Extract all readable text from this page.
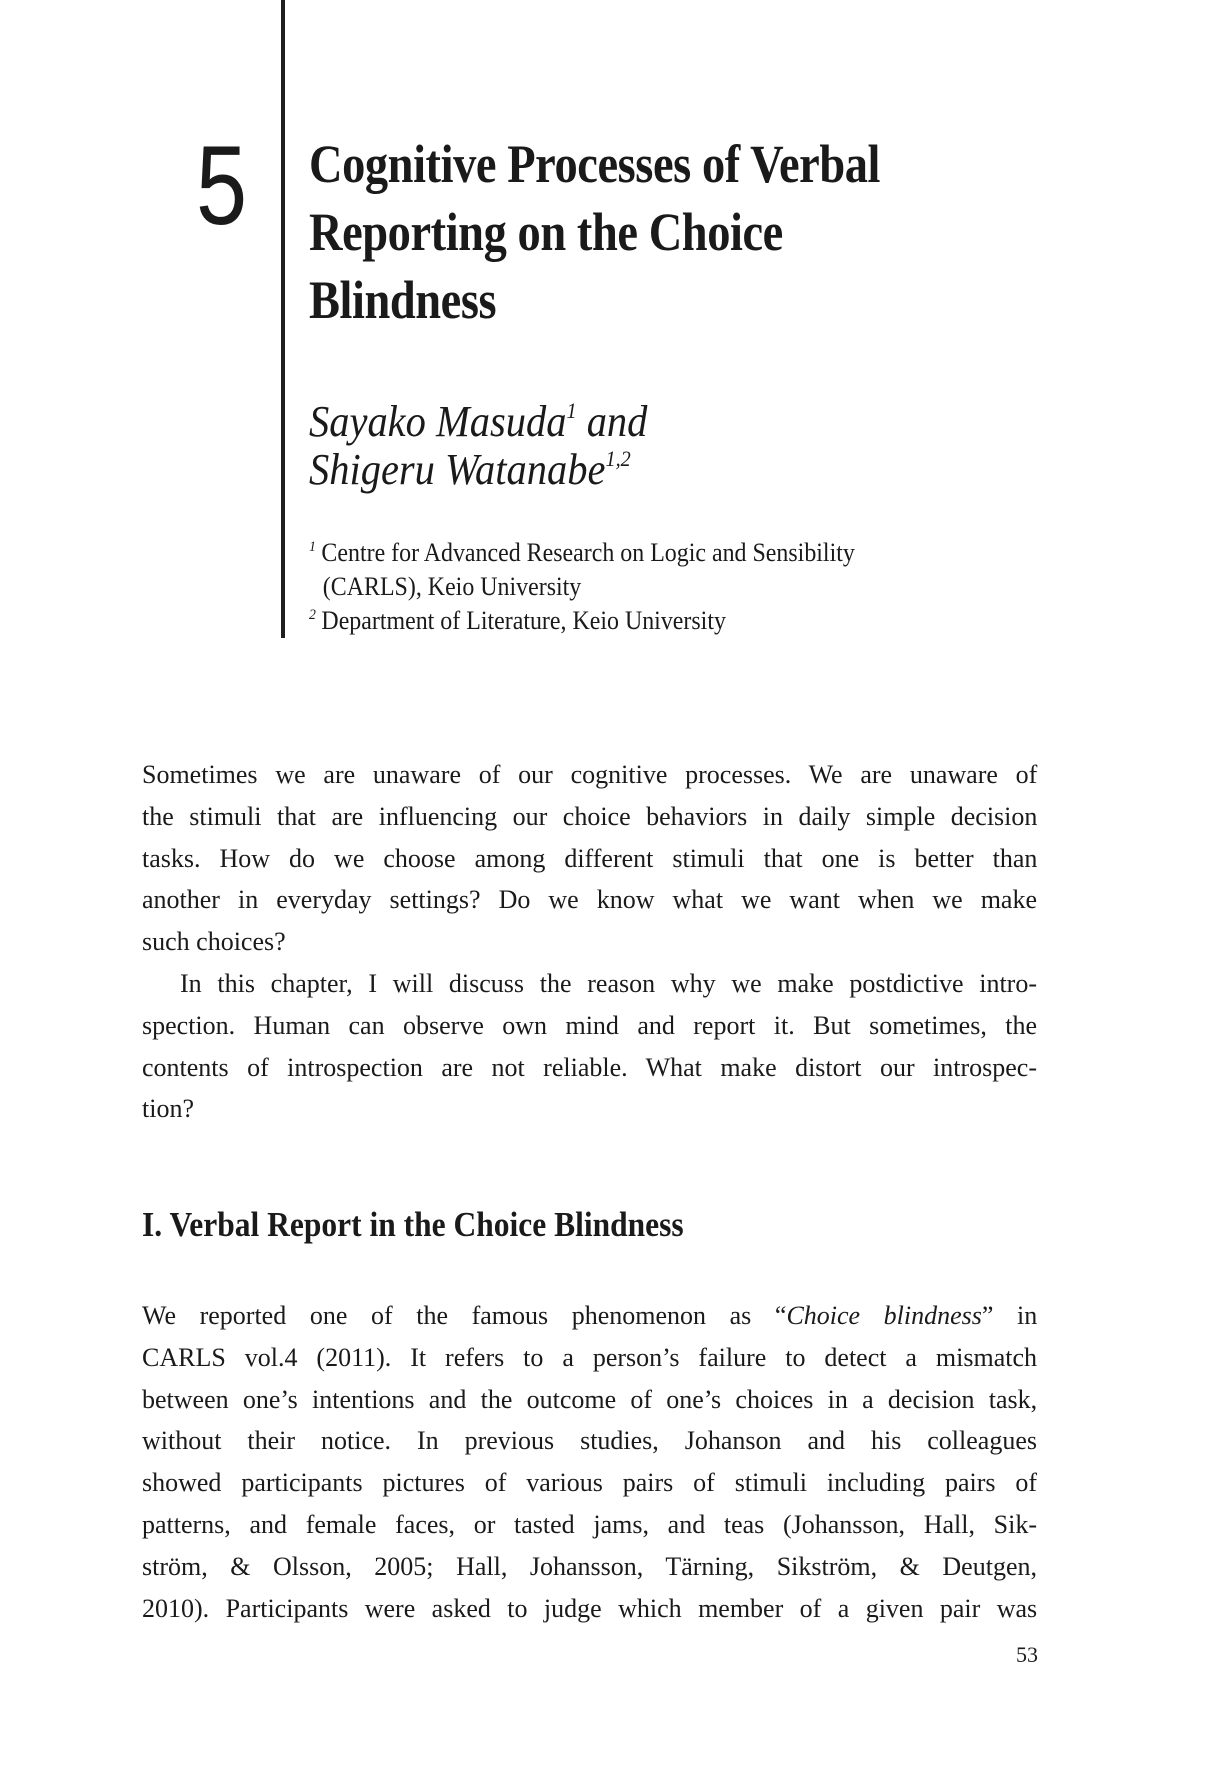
5 Cognitive Processes of Verbal
Reporting on the Choice
Blindness
Sayako Masuda$^1$ and
Shigeru Watanabe$^{1,2}$
$^1$ Centre for Advanced Research on Logic and Sensibility
(CARLS), Keio University
$^2$ Department of Literature, Keio University

Sometimes we are unaware of our cognitive processes. We are unaware of
the stimuli that are influencing our choice behaviors in daily simple decision
tasks. How do we choose among different stimuli that one is better than
another in everyday settings? Do we know what we want when we make
such choices?

In this chapter, I will discuss the reason why we make postdictive intro-
spection. Human can observe own mind and report it. But sometimes, the
contents of introspection are not reliable. What make distort our introspec-
tion?

I. Verbal Report in the Choice Blindness

We reported one of the famous phenomenon as “Choice blindness” in
CARLS vol.4 (2011). It refers to a person’s failure to detect a mismatch
between one’s intentions and the outcome of one’s choices in a decision task,
without their notice. In previous studies, Johanson and his colleagues
showed participants pictures of various pairs of stimuli including pairs of
patterns, and female faces, or tasted jams, and teas (Johansson, Hall, Sik-
ström, & Olsson, 2005; Hall, Johansson, Tärning, Sikström, & Deutgen,
2010). Participants were asked to judge which member of a given pair was

53
